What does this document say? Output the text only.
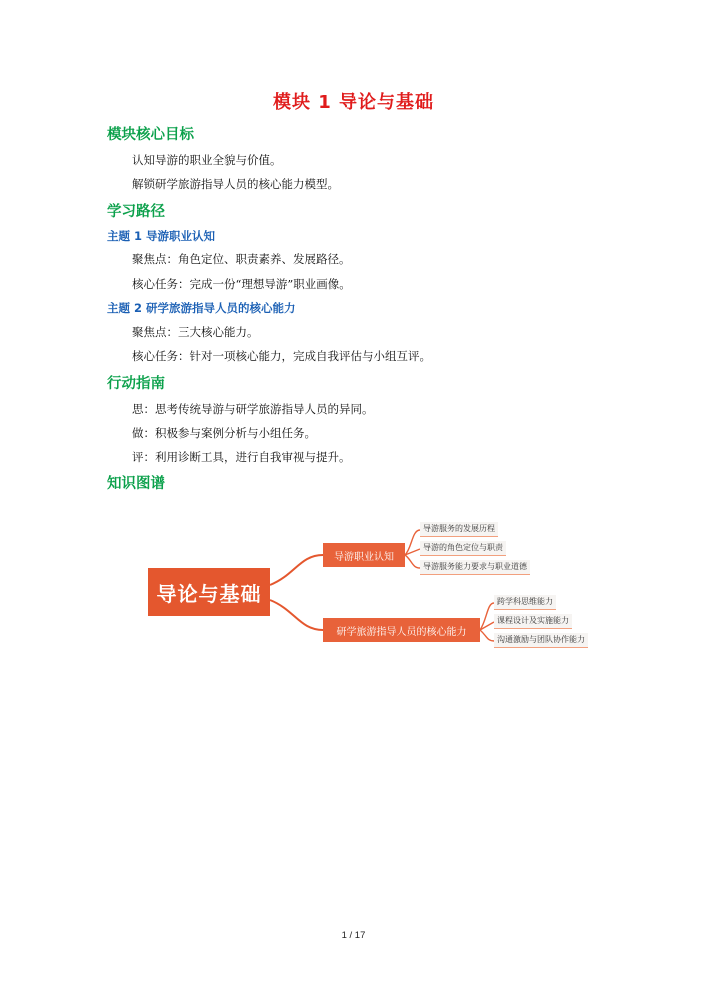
模块 1 导论与基础
模块核心目标
认知导游的职业全貌与价值。
解锁研学旅游指导人员的核心能力模型。
学习路径
主题 1 导游职业认知
聚焦点：角色定位、职责素养、发展路径。
核心任务：完成一份“理想导游”职业画像。
主题 2 研学旅游指导人员的核心能力
聚焦点：三大核心能力。
核心任务：针对一项核心能力，完成自我评估与小组互评。
行动指南
思：思考传统导游与研学旅游指导人员的异同。
做：积极参与案例分析与小组任务。
评：利用诊断工具，进行自我审视与提升。
知识图谱
导论与基础
导游职业认知
导游服务的发展历程
导游的角色定位与职责
导游服务能力要求与职业道德
研学旅游指导人员的核心能力
跨学科思维能力
课程设计及实施能力
沟通激励与团队协作能力
1 / 17
